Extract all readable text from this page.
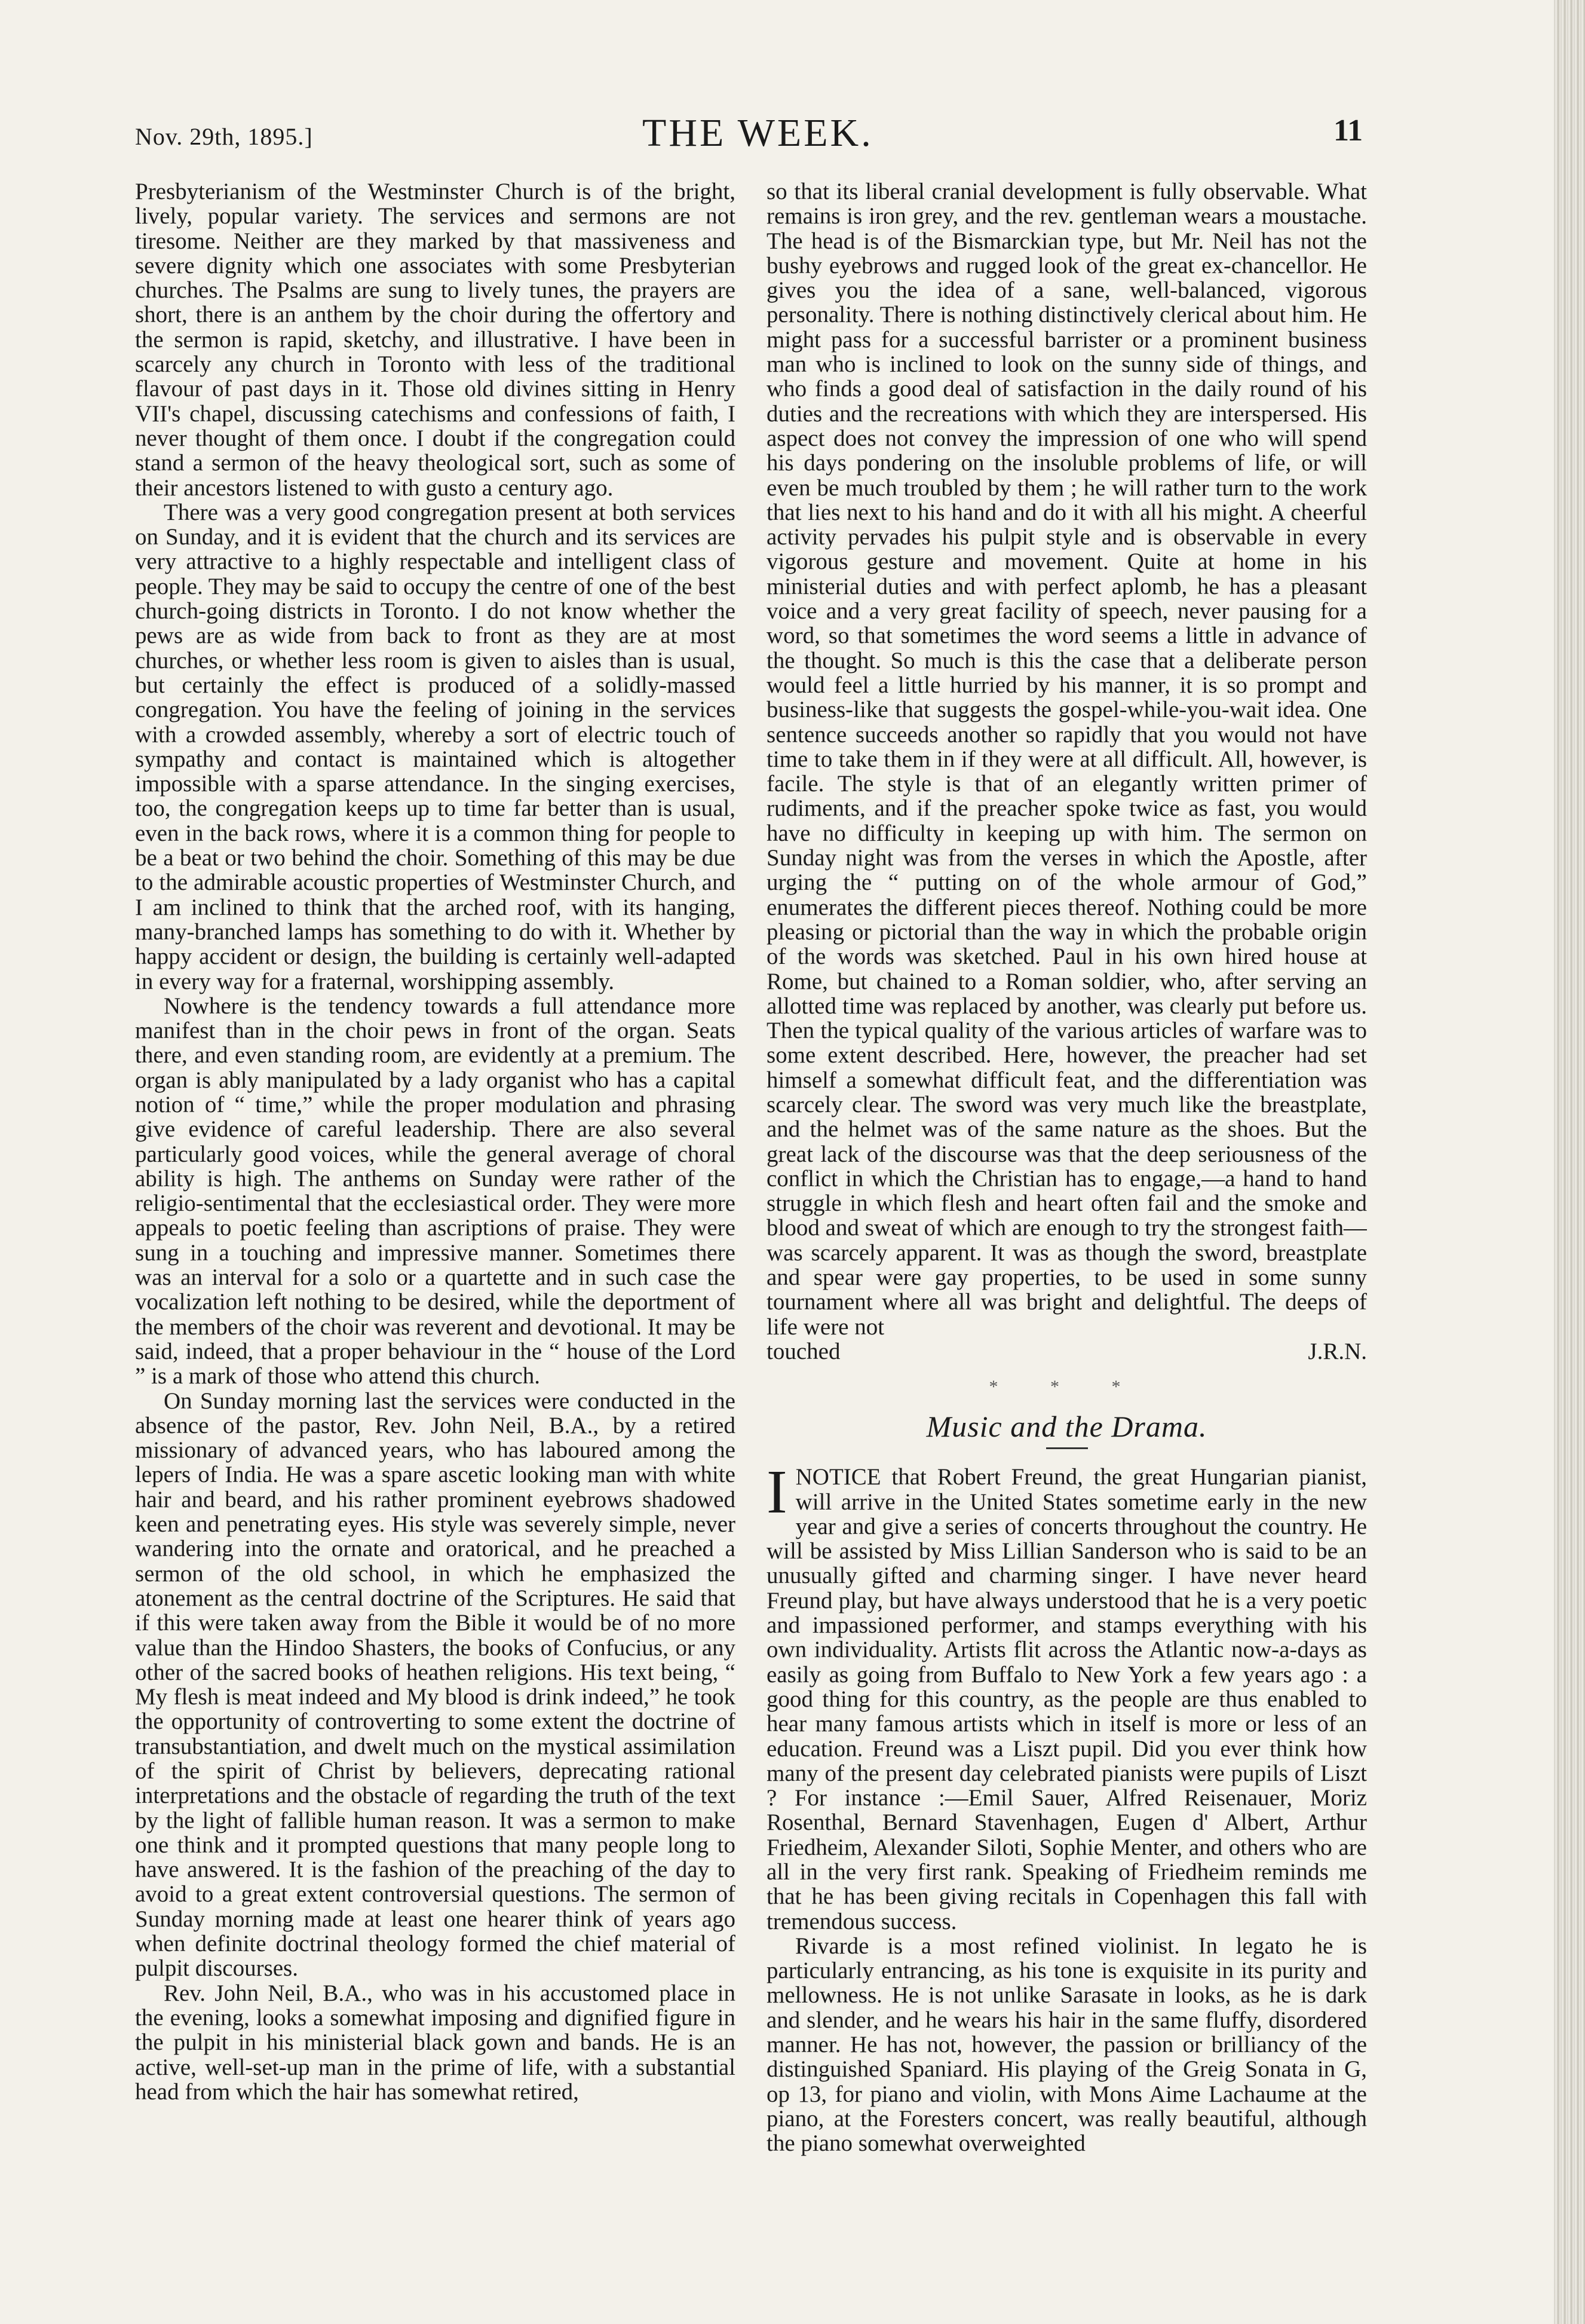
Nov. 29th, 1895.]	THE WEEK.	11

Presbyterianism of the Westminster Church is of the bright, lively, popular variety. The services and sermons are not tiresome. Neither are they marked by that massiveness and severe dignity which one associates with some Presbyterian churches. The Psalms are sung to lively tunes, the prayers are short, there is an anthem by the choir during the offertory and the sermon is rapid, sketchy, and illustrative. I have been in scarcely any church in Toronto with less of the traditional flavour of past days in it. Those old divines sitting in Henry VII's chapel, discussing catechisms and confessions of faith, I never thought of them once. I doubt if the congregation could stand a sermon of the heavy theological sort, such as some of their ancestors listened to with gusto a century ago.

There was a very good congregation present at both services on Sunday, and it is evident that the church and its services are very attractive to a highly respectable and intelligent class of people. They may be said to occupy the centre of one of the best church-going districts in Toronto. I do not know whether the pews are as wide from back to front as they are at most churches, or whether less room is given to aisles than is usual, but certainly the effect is produced of a solidly-massed congregation. You have the feeling of joining in the services with a crowded assembly, whereby a sort of electric touch of sympathy and contact is maintained which is altogether impossible with a sparse attendance. In the singing exercises, too, the congregation keeps up to time far better than is usual, even in the back rows, where it is a common thing for people to be a beat or two behind the choir. Something of this may be due to the admirable acoustic properties of Westminster Church, and I am inclined to think that the arched roof, with its hanging, many-branched lamps has something to do with it. Whether by happy accident or design, the building is certainly well-adapted in every way for a fraternal, worshipping assembly.

Nowhere is the tendency towards a full attendance more manifest than in the choir pews in front of the organ. Seats there, and even standing room, are evidently at a premium. The organ is ably manipulated by a lady organist who has a capital notion of “ time,” while the proper modulation and phrasing give evidence of careful leadership. There are also several particularly good voices, while the general average of choral ability is high. The anthems on Sunday were rather of the religio-sentimental that the ecclesiastical order. They were more appeals to poetic feeling than ascriptions of praise. They were sung in a touching and impressive manner. Sometimes there was an interval for a solo or a quartette and in such case the vocalization left nothing to be desired, while the deportment of the members of the choir was reverent and devotional. It may be said, indeed, that a proper behaviour in the “ house of the Lord ” is a mark of those who attend this church.

On Sunday morning last the services were conducted in the absence of the pastor, Rev. John Neil, B.A., by a retired missionary of advanced years, who has laboured among the lepers of India. He was a spare ascetic looking man with white hair and beard, and his rather prominent eyebrows shadowed keen and penetrating eyes. His style was severely simple, never wandering into the ornate and oratorical, and he preached a sermon of the old school, in which he emphasized the atonement as the central doctrine of the Scriptures. He said that if this were taken away from the Bible it would be of no more value than the Hindoo Shasters, the books of Confucius, or any other of the sacred books of heathen religions. His text being, “ My flesh is meat indeed and My blood is drink indeed,” he took the opportunity of controverting to some extent the doctrine of transubstantiation, and dwelt much on the mystical assimilation of the spirit of Christ by believers, deprecating rational interpretations and the obstacle of regarding the truth of the text by the light of fallible human reason. It was a sermon to make one think and it prompted questions that many people long to have answered. It is the fashion of the preaching of the day to avoid to a great extent controversial questions. The sermon of Sunday morning made at least one hearer think of years ago when definite doctrinal theology formed the chief material of pulpit discourses.

Rev. John Neil, B.A., who was in his accustomed place in the evening, looks a somewhat imposing and dignified figure in the pulpit in his ministerial black gown and bands. He is an active, well-set-up man in the prime of life, with a substantial head from which the hair has somewhat retired,

so that its liberal cranial development is fully observable. What remains is iron grey, and the rev. gentleman wears a moustache. The head is of the Bismarckian type, but Mr. Neil has not the bushy eyebrows and rugged look of the great ex-chancellor. He gives you the idea of a sane, well-balanced, vigorous personality. There is nothing distinctively clerical about him. He might pass for a successful barrister or a prominent business man who is inclined to look on the sunny side of things, and who finds a good deal of satisfaction in the daily round of his duties and the recreations with which they are interspersed. His aspect does not convey the impression of one who will spend his days pondering on the insoluble problems of life, or will even be much troubled by them ; he will rather turn to the work that lies next to his hand and do it with all his might. A cheerful activity pervades his pulpit style and is observable in every vigorous gesture and movement. Quite at home in his ministerial duties and with perfect aplomb, he has a pleasant voice and a very great facility of speech, never pausing for a word, so that sometimes the word seems a little in advance of the thought. So much is this the case that a deliberate person would feel a little hurried by his manner, it is so prompt and business-like that suggests the gospel-while-you-wait idea. One sentence succeeds another so rapidly that you would not have time to take them in if they were at all difficult. All, however, is facile. The style is that of an elegantly written primer of rudiments, and if the preacher spoke twice as fast, you would have no difficulty in keeping up with him. The sermon on Sunday night was from the verses in which the Apostle, after urging the “ putting on of the whole armour of God,” enumerates the different pieces thereof. Nothing could be more pleasing or pictorial than the way in which the probable origin of the words was sketched. Paul in his own hired house at Rome, but chained to a Roman soldier, who, after serving an allotted time was replaced by another, was clearly put before us. Then the typical quality of the various articles of warfare was to some extent described. Here, however, the preacher had set himself a somewhat difficult feat, and the differentiation was scarcely clear. The sword was very much like the breastplate, and the helmet was of the same nature as the shoes. But the great lack of the discourse was that the deep seriousness of the conflict in which the Christian has to engage,—a hand to hand struggle in which flesh and heart often fail and the smoke and blood and sweat of which are enough to try the strongest faith—was scarcely apparent. It was as though the sword, breastplate and spear were gay properties, to be used in some sunny tournament where all was bright and delightful. The deeps of life were not

touched	J.R.N.
* * *
Music and the Drama.

INOTICE that Robert Freund, the great Hungarian pianist, will arrive in the United States sometime early in the new year and give a series of concerts throughout the country. He will be assisted by Miss Lillian Sanderson who is said to be an unusually gifted and charming singer. I have never heard Freund play, but have always understood that he is a very poetic and impassioned performer, and stamps everything with his own individuality. Artists flit across the Atlantic now-a-days as easily as going from Buffalo to New York a few years ago : a good thing for this country, as the people are thus enabled to hear many famous artists which in itself is more or less of an education. Freund was a Liszt pupil. Did you ever think how many of the present day celebrated pianists were pupils of Liszt ? For instance :—Emil Sauer, Alfred Reisenauer, Moriz Rosenthal, Bernard Stavenhagen, Eugen d' Albert, Arthur Friedheim, Alexander Siloti, Sophie Menter, and others who are all in the very first rank. Speaking of Friedheim reminds me that he has been giving recitals in Copenhagen this fall with tremendous success.

Rivarde is a most refined violinist. In legato he is particularly entrancing, as his tone is exquisite in its purity and mellowness. He is not unlike Sarasate in looks, as he is dark and slender, and he wears his hair in the same fluffy, disordered manner. He has not, however, the passion or brilliancy of the distinguished Spaniard. His playing of the Greig Sonata in G, op 13, for piano and violin, with Mons Aime Lachaume at the piano, at the Foresters concert, was really beautiful, although the piano somewhat overweighted
